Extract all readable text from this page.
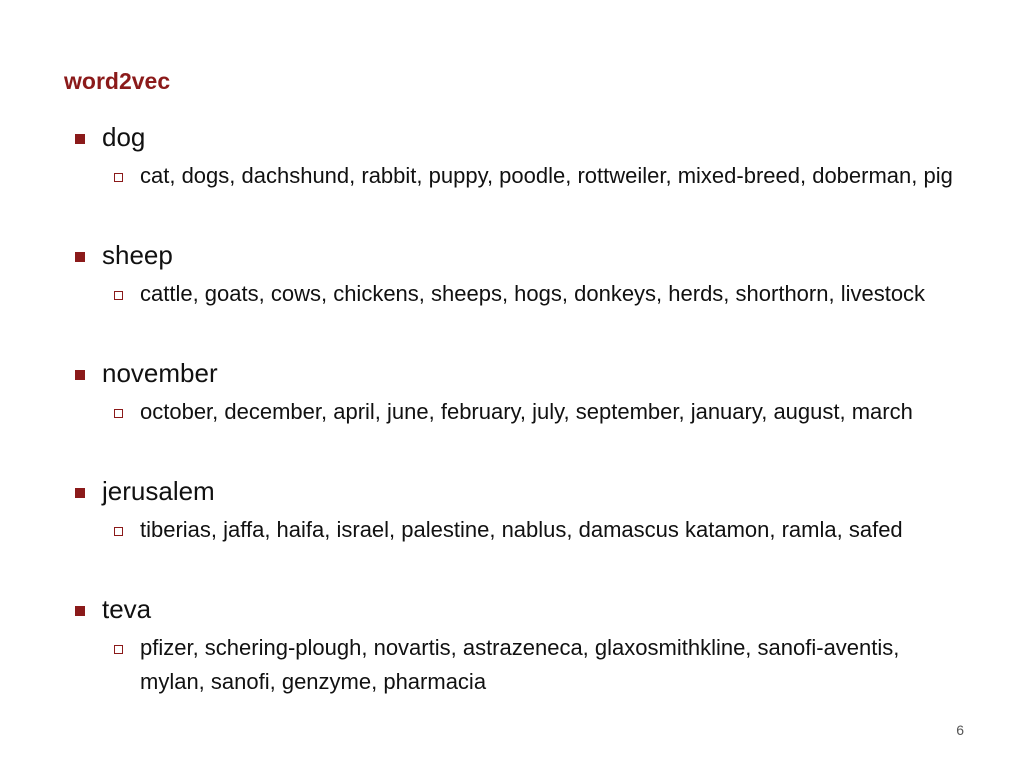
word2vec
dog
cat, dogs, dachshund, rabbit, puppy, poodle, rottweiler, mixed-breed, doberman, pig
sheep
cattle, goats, cows, chickens, sheeps, hogs, donkeys, herds, shorthorn, livestock
november
october, december, april, june, february, july, september, january, august, march
jerusalem
tiberias, jaffa, haifa, israel, palestine, nablus, damascus katamon, ramla, safed
teva
pfizer, schering-plough, novartis, astrazeneca, glaxosmithkline, sanofi-aventis, mylan, sanofi, genzyme, pharmacia
6
